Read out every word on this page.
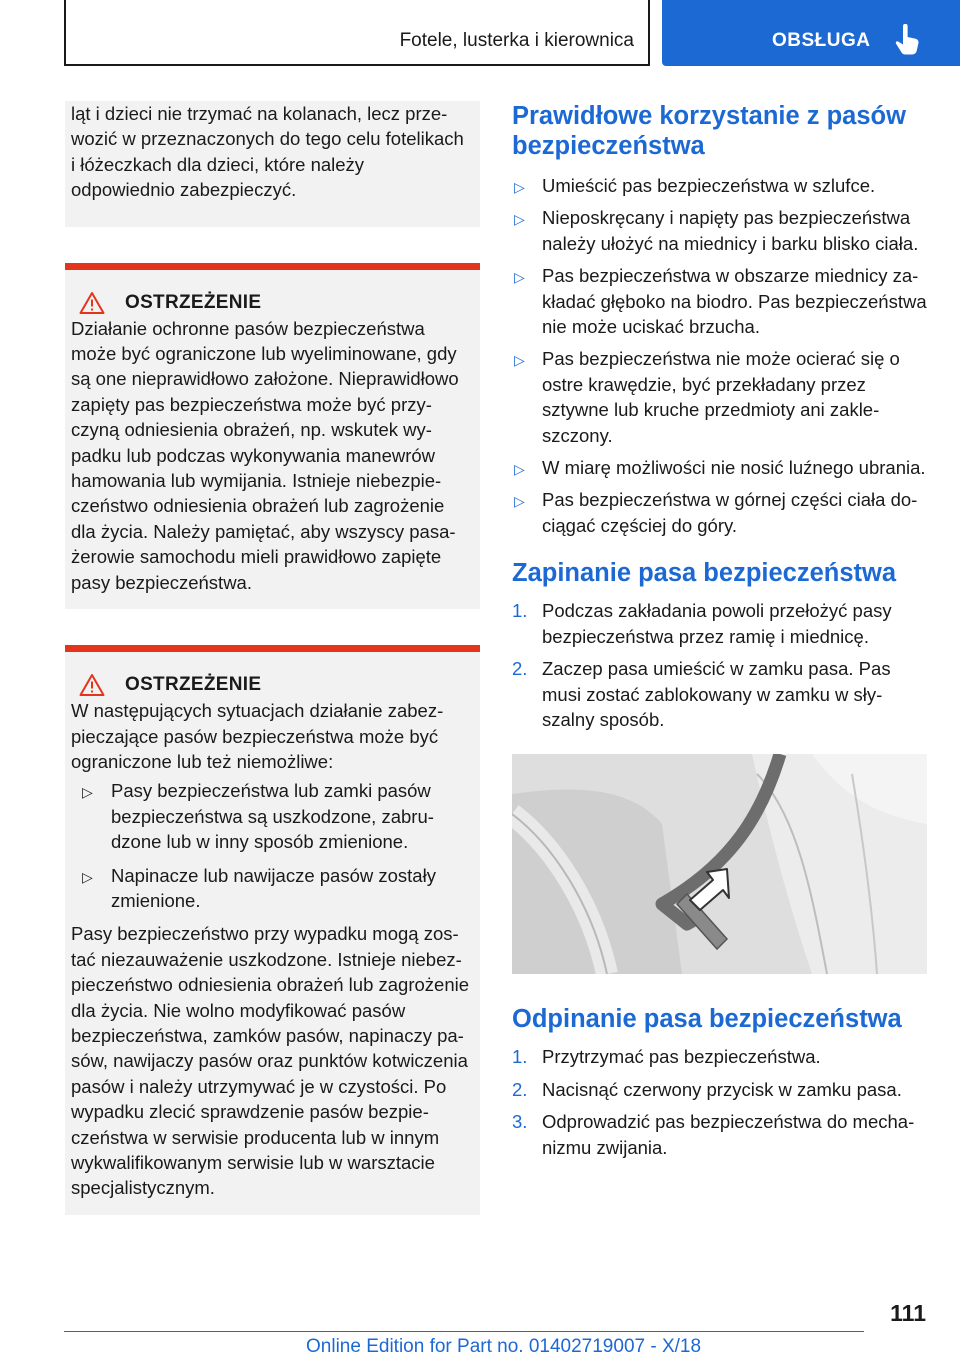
Fotele, lusterka i kierownica	OBSŁUGA

ląt i dzieci nie trzymać na kolanach, lecz przewozić w przeznaczonych do tego celu fotelikach i łóżeczkach dla dzieci, które należy odpowiednio zabezpieczyć.

OSTRZEŻENIE

Działanie ochronne pasów bezpieczeństwa może być ograniczone lub wyeliminowane, gdy są one nieprawidłowo założone. Nieprawidłowo zapięty pas bezpieczeństwa może być przyczyną odniesienia obrażeń, np. wskutek wypadku lub podczas wykonywania manewrów hamowania lub wymijania. Istnieje niebezpieczeństwo odniesienia obrażeń lub zagrożenie dla życia. Należy pamiętać, aby wszyscy pasażerowie samochodu mieli prawidłowo zapięte pasy bezpieczeństwa.

OSTRZEŻENIE

W następujących sytuacjach działanie zabezpieczające pasów bezpieczeństwa może być ograniczone lub też niemożliwe:

▷ Pasy bezpieczeństwa lub zamki pasów bezpieczeństwa są uszkodzone, zabrudzone lub w inny sposób zmienione.
▷ Napinacze lub nawijacze pasów zostały zmienione.

Pasy bezpieczeństwo przy wypadku mogą zostać niezauważenie uszkodzone. Istnieje niebezpieczeństwo odniesienia obrażeń lub zagrożenie dla życia. Nie wolno modyfikować pasów bezpieczeństwa, zamków pasów, napinaczy pasów, nawijaczy pasów oraz punktów kotwiczenia pasów i należy utrzymywać je w czystości. Po wypadku zlecić sprawdzenie pasów bezpieczeństwa w serwisie producenta lub w innym wykwalifikowanym serwisie lub w warsztacie specjalistycznym.

Prawidłowe korzystanie z pasów bezpieczeństwa
▷ Umieścić pas bezpieczeństwa w szlufce.
▷ Nieposkręcany i napięty pas bezpieczeństwa należy ułożyć na miednicy i barku blisko ciała.
▷ Pas bezpieczeństwa w obszarze miednicy zakładać głęboko na biodro. Pas bezpieczeństwa nie może uciskać brzucha.
▷ Pas bezpieczeństwa nie może ocierać się o ostre krawędzie, być przekładany przez sztywne lub kruche przedmioty ani zakleszczony.
▷ W miarę możliwości nie nosić luźnego ubrania.
▷ Pas bezpieczeństwa w górnej części ciała dociągać częściej do góry.
Zapinanie pasa bezpieczeństwa
1. Podczas zakładania powoli przełożyć pasy bezpieczeństwa przez ramię i miednicę.
2. Zaczep pasa umieścić w zamku pasa. Pas musi zostać zablokowany w zamku w słyszalny sposób.
Odpinanie pasa bezpieczeństwa
1. Przytrzymać pas bezpieczeństwa.
2. Nacisnąć czerwony przycisk w zamku pasa.
3. Odprowadzić pas bezpieczeństwa do mechanizmu zwijania.
111
Online Edition for Part no. 01402719007 - X/18
